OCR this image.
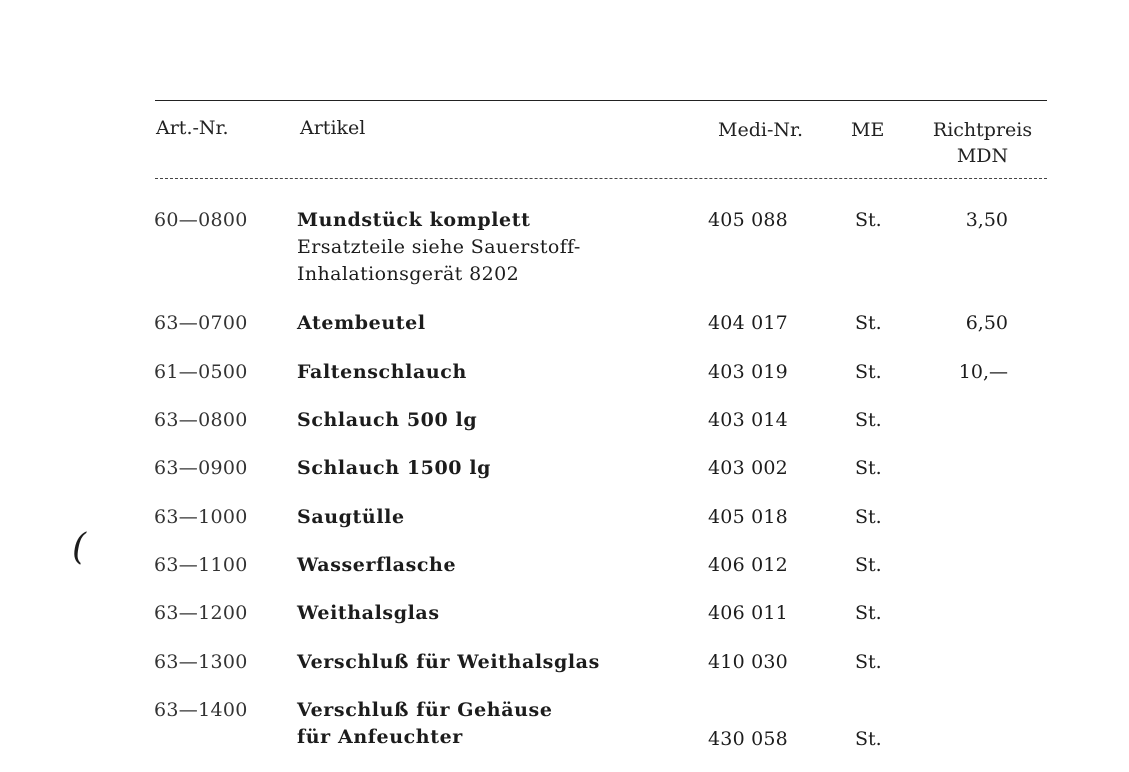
Art.-Nr.	Artikel	Medi-Nr.	ME	Richtpreis
MDN
(
60—0800	Mundstück komplett
Ersatzteile siehe Sauerstoff-
Inhalationsgerät 8202
405 088	St.	3,50
63—0700	Atembeutel	404 017	St.	6,50
61—0500	Faltenschlauch	403 019	St.	10,—
63—0800	Schlauch 500 lg	403 014	St.
63—0900	Schlauch 1500 lg	403 002	St.
63—1000	Saugtülle	405 018	St.
63—1100	Wasserflasche	406 012	St.
63—1200	Weithalsglas	406 011	St.
63—1300	Verschluß für Weithalsglas	410 030	St.
63—1400	Verschluß für Gehäuse
für Anfeuchter	430 058	St.
